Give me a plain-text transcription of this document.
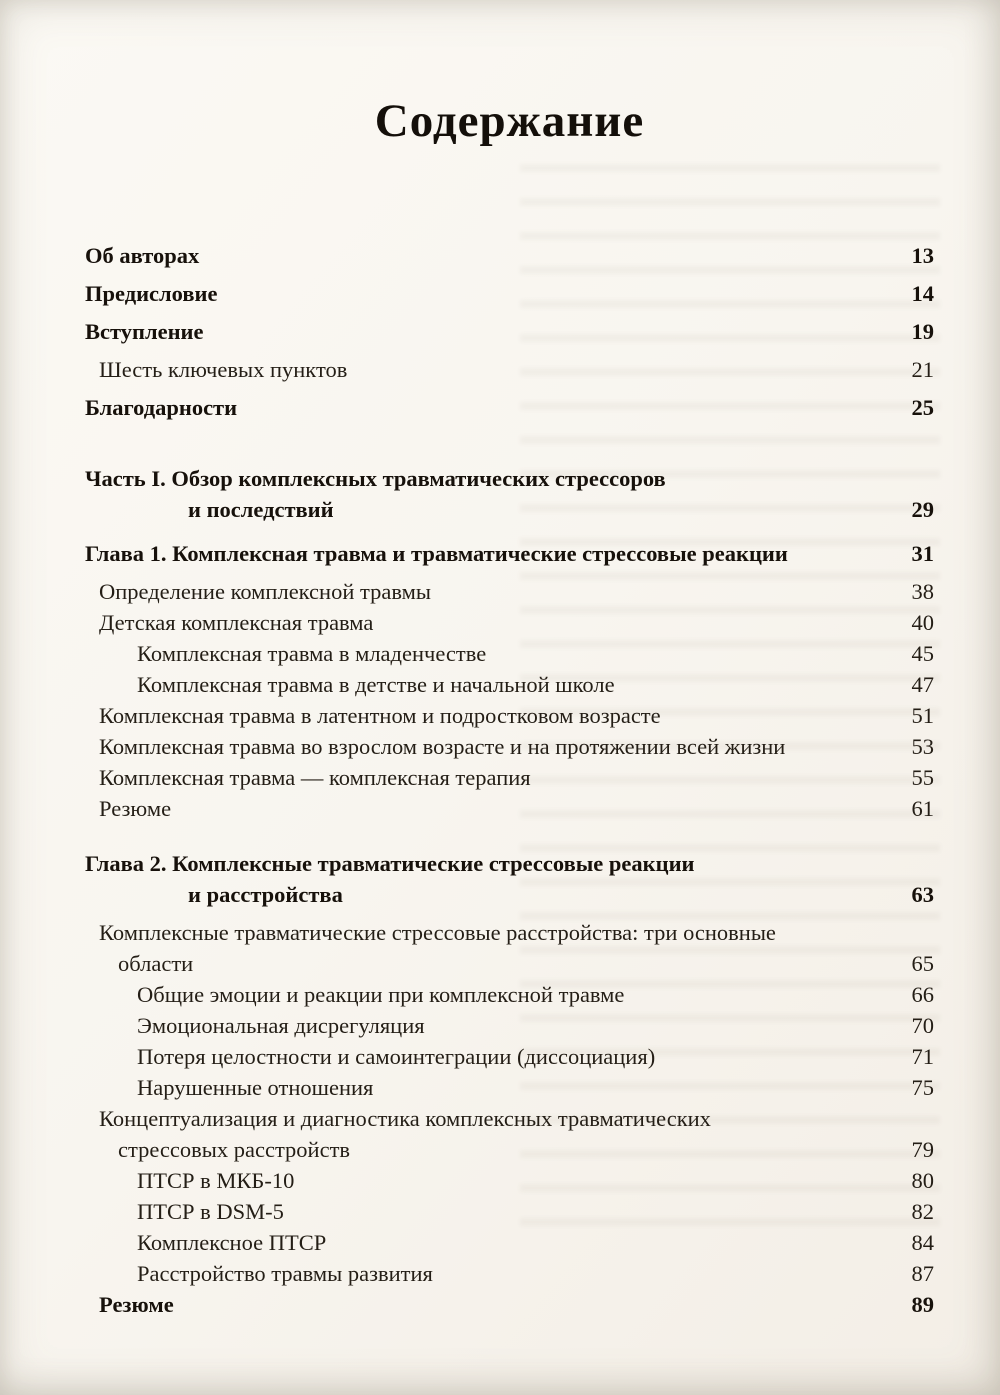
Содержание
Об авторах	13
Предисловие	14
Вступление	19
Шесть ключевых пунктов	21
Благодарности	25
Часть I. Обзор комплексных травматических стрессоров
и последствий	29
Глава 1. Комплексная травма и травматические стрессовые реакции	31
Определение комплексной травмы	38
Детская комплексная травма	40
Комплексная травма в младенчестве	45
Комплексная травма в детстве и начальной школе	47
Комплексная травма в латентном и подростковом возрасте	51
Комплексная травма во взрослом возрасте и на протяжении всей жизни	53
Комплексная травма — комплексная терапия	55
Резюме	61
Глава 2. Комплексные травматические стрессовые реакции
и расстройства	63
Комплексные травматические стрессовые расстройства: три основные
области	65
Общие эмоции и реакции при комплексной травме	66
Эмоциональная дисрегуляция	70
Потеря целостности и самоинтеграции (диссоциация)	71
Нарушенные отношения	75
Концептуализация и диагностика комплексных травматических
стрессовых расстройств	79
ПТСР в МКБ-10	80
ПТСР в DSM-5	82
Комплексное ПТСР	84
Расстройство травмы развития	87
Резюме	89
